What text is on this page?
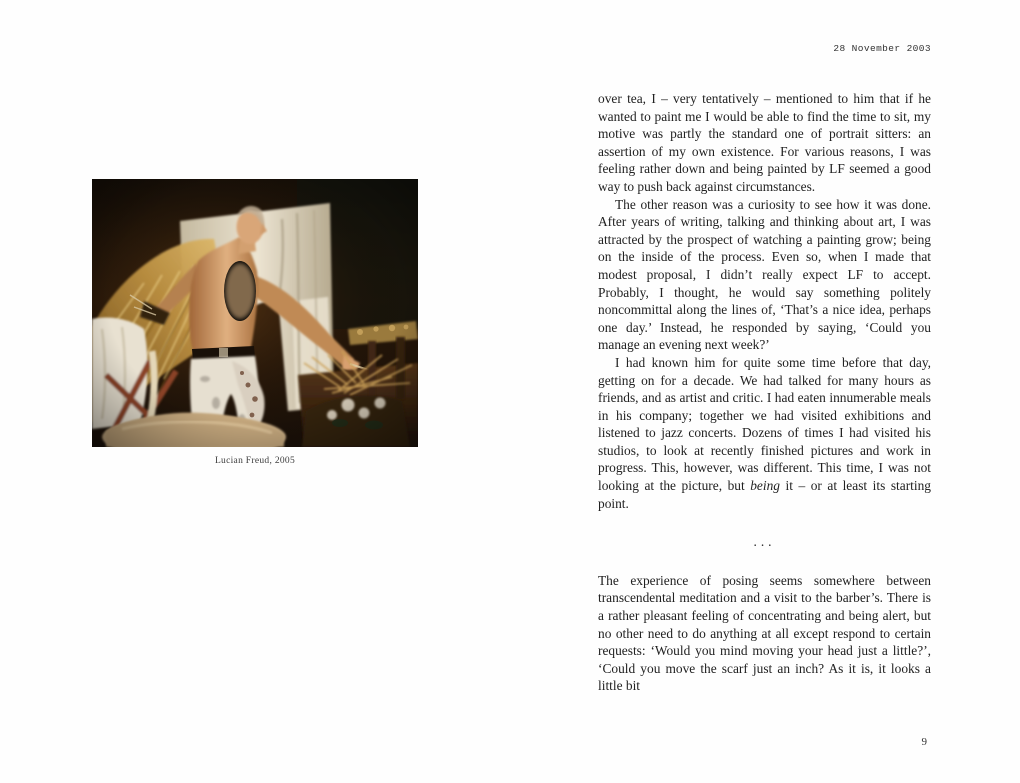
Lucian Freud, 2005
28 November 2003

over tea, I – very tentatively – mentioned to him that if he wanted to paint me I would be able to find the time to sit, my motive was partly the standard one of portrait sitters: an assertion of my own existence. For various reasons, I was feeling rather down and being painted by LF seemed a good way to push back against circumstances.

The other reason was a curiosity to see how it was done. After years of writing, talking and thinking about art, I was attracted by the prospect of watching a painting grow; being on the inside of the process. Even so, when I made that modest proposal, I didn’t really expect LF to accept. Probably, I thought, he would say something politely noncommittal along the lines of, ‘That’s a nice idea, perhaps one day.’ Instead, he responded by saying, ‘Could you manage an evening next week?’

I had known him for quite some time before that day, getting on for a decade. We had talked for many hours as friends, and as artist and critic. I had eaten innumerable meals in his company; together we had visited exhibitions and listened to jazz concerts. Dozens of times I had visited his studios, to look at recently finished pictures and work in progress. This, however, was different. This time, I was not looking at the picture, but being it – or at least its starting point.

...

The experience of posing seems somewhere between transcendental meditation and a visit to the barber’s. There is a rather pleasant feeling of concentrating and being alert, but no other need to do anything at all except respond to certain requests: ‘Would you mind moving your head just a little?’, ‘Could you move the scarf just an inch? As it is, it looks a little bit

9
